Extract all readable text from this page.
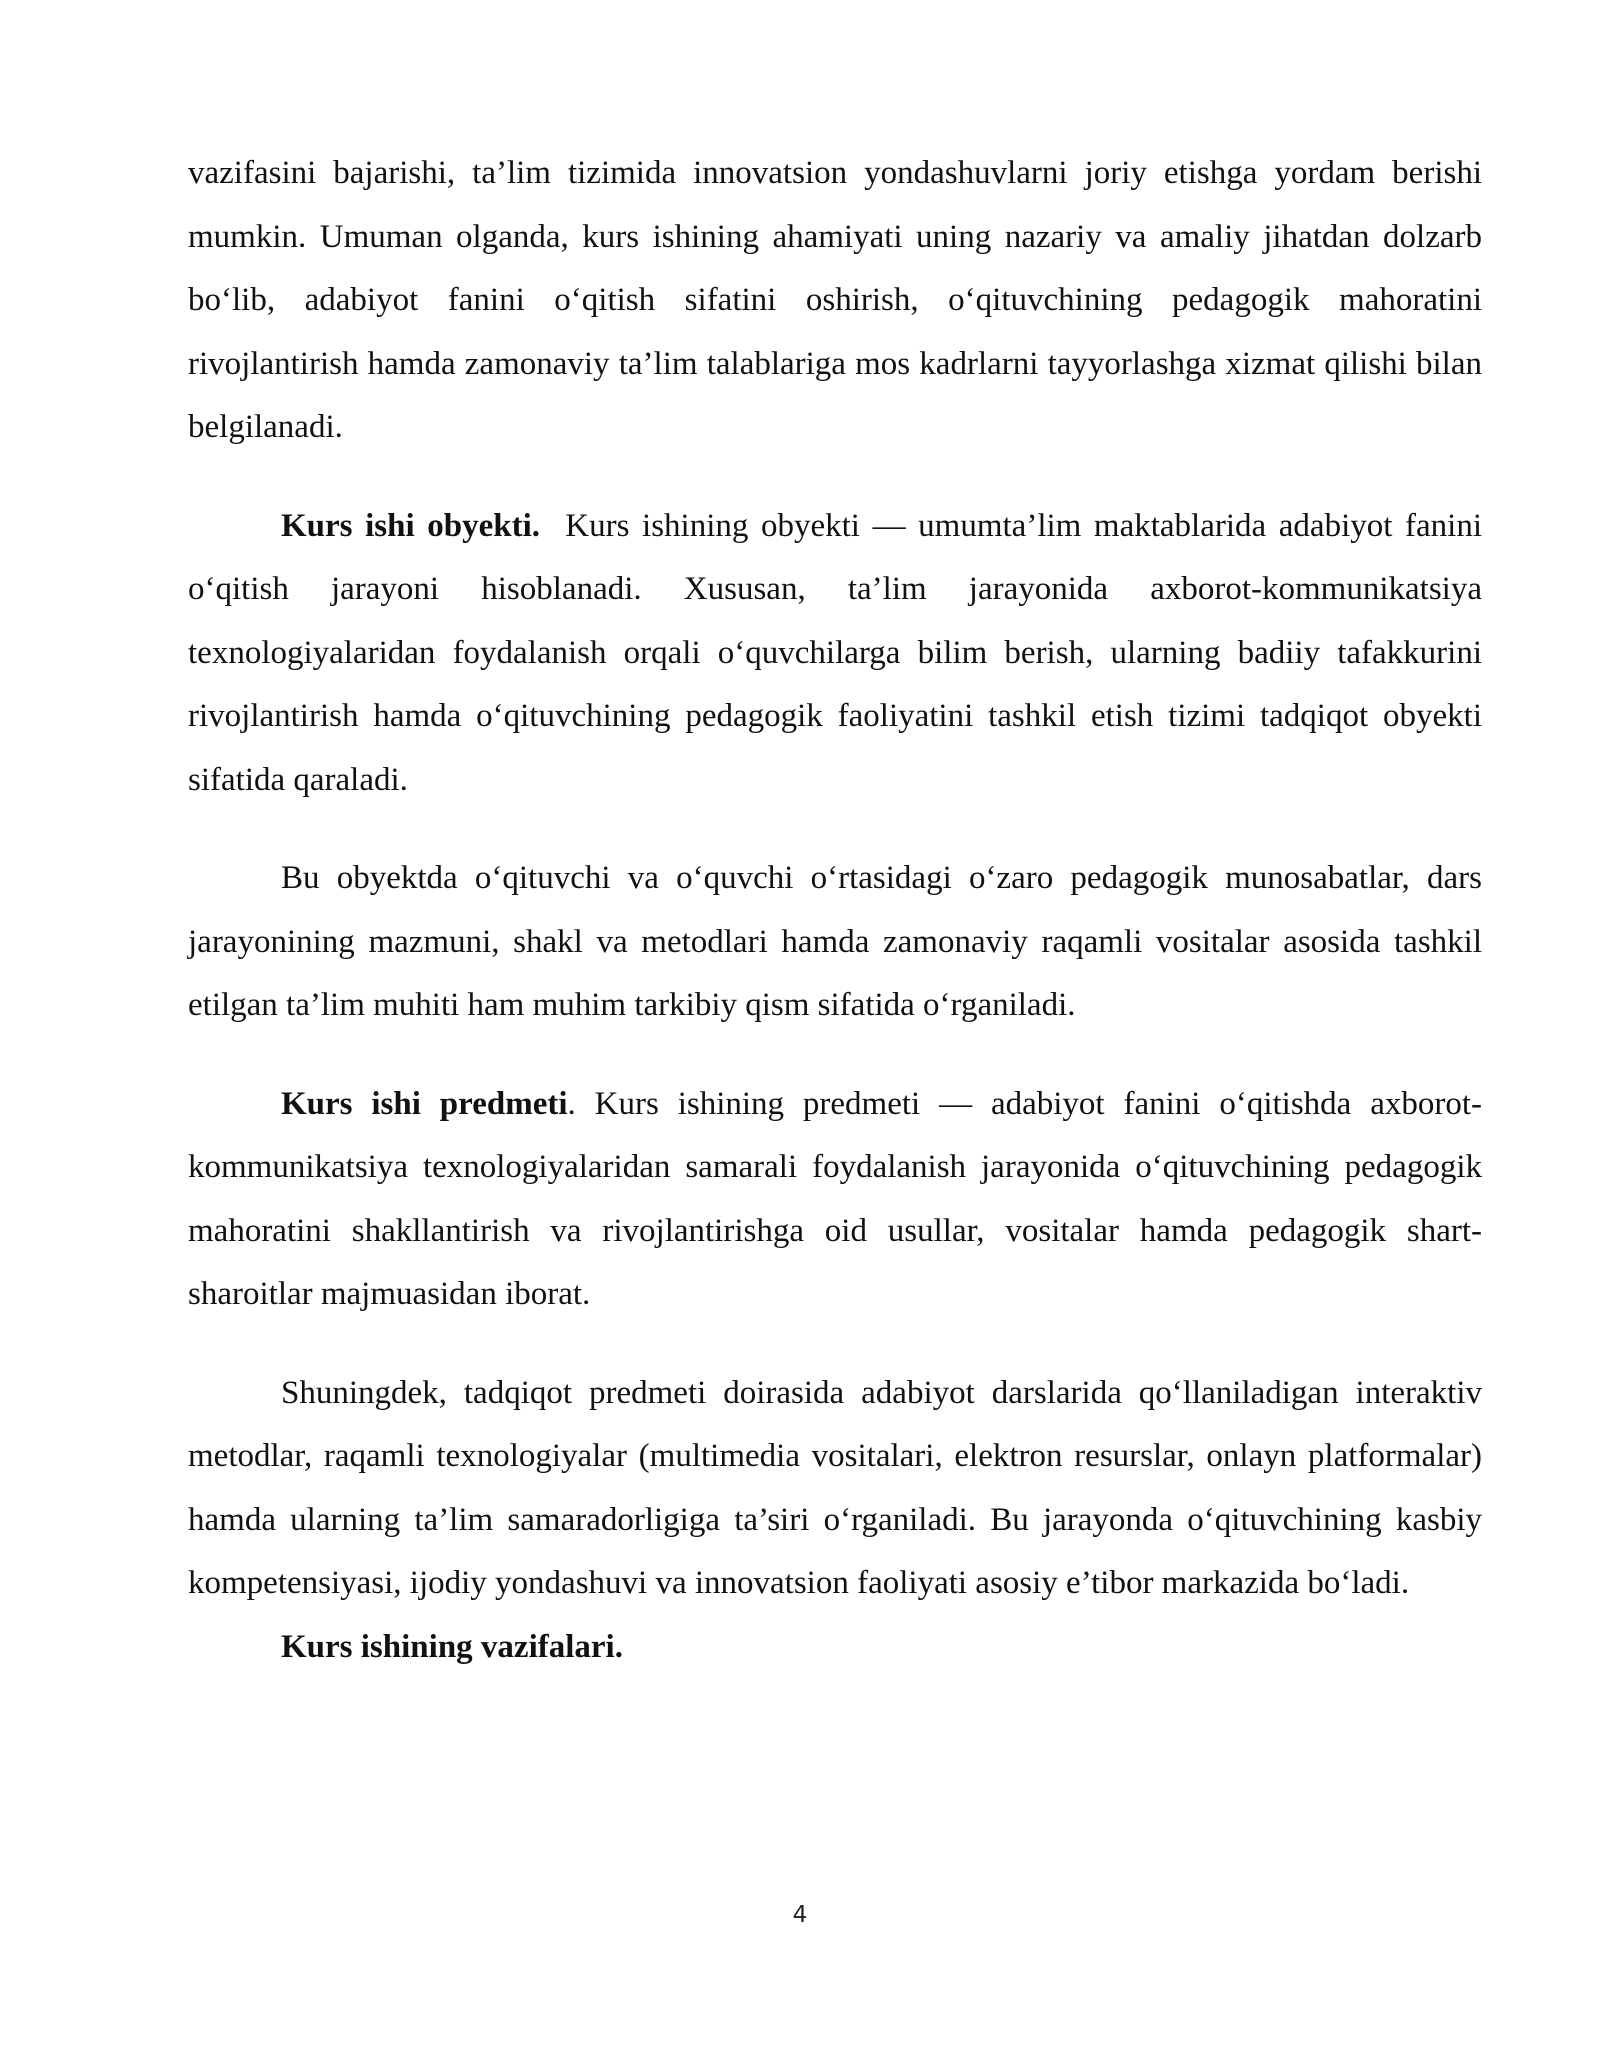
vazifasini bajarishi, ta’lim tizimida innovatsion yondashuvlarni joriy etishga yordam berishi mumkin. Umuman olganda, kurs ishining ahamiyati uning nazariy va amaliy jihatdan dolzarb bo‘lib, adabiyot fanini o‘qitish sifatini oshirish, o‘qituvchining pedagogik mahoratini rivojlantirish hamda zamonaviy ta’lim talablariga mos kadrlarni tayyorlashga xizmat qilishi bilan belgilanadi.

Kurs ishi obyekti. Kurs ishining obyekti — umumta’lim maktablarida adabiyot fanini o‘qitish jarayoni hisoblanadi. Xususan, ta’lim jarayonida axborot-kommunikatsiya texnologiyalaridan foydalanish orqali o‘quvchilarga bilim berish, ularning badiiy tafakkurini rivojlantirish hamda o‘qituvchining pedagogik faoliyatini tashkil etish tizimi tadqiqot obyekti sifatida qaraladi.

Bu obyektda o‘qituvchi va o‘quvchi o‘rtasidagi o‘zaro pedagogik munosabatlar, dars jarayonining mazmuni, shakl va metodlari hamda zamonaviy raqamli vositalar asosida tashkil etilgan ta’lim muhiti ham muhim tarkibiy qism sifatida o‘rganiladi.

Kurs ishi predmeti. Kurs ishining predmeti — adabiyot fanini o‘qitishda axborot-kommunikatsiya texnologiyalaridan samarali foydalanish jarayonida o‘qituvchining pedagogik mahoratini shakllantirish va rivojlantirishga oid usullar, vositalar hamda pedagogik shart-sharoitlar majmuasidan iborat.

Shuningdek, tadqiqot predmeti doirasida adabiyot darslarida qo‘llaniladigan interaktiv metodlar, raqamli texnologiyalar (multimedia vositalari, elektron resurslar, onlayn platformalar) hamda ularning ta’lim samaradorligiga ta’siri o‘rganiladi. Bu jarayonda o‘qituvchining kasbiy kompetensiyasi, ijodiy yondashuvi va innovatsion faoliyati asosiy e’tibor markazida bo‘ladi.

Kurs ishining vazifalari.

4
